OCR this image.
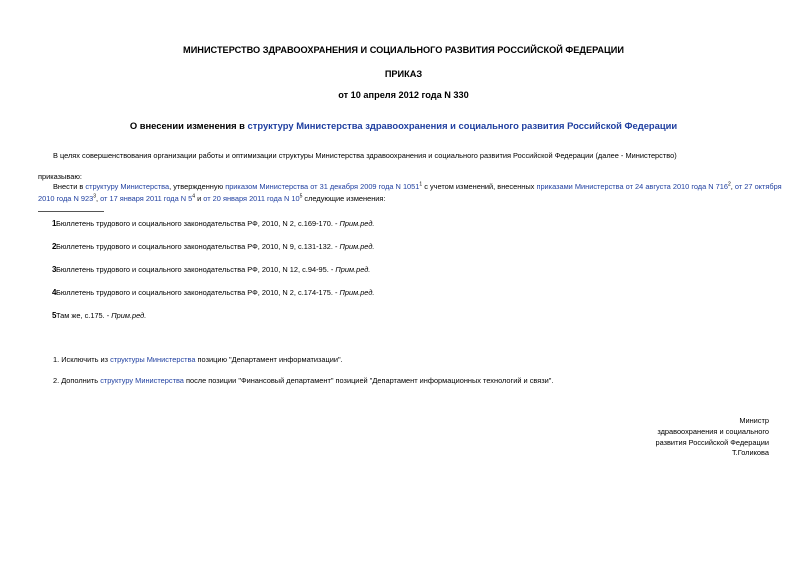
МИНИСТЕРСТВО ЗДРАВООХРАНЕНИЯ И СОЦИАЛЬНОГО РАЗВИТИЯ РОССИЙСКОЙ ФЕДЕРАЦИИ
ПРИКАЗ
от 10 апреля 2012 года N 330
О внесении изменения в структуру Министерства здравоохранения и социального развития Российской Федерации
В целях совершенствования организации работы и оптимизации структуры Министерства здравоохранения и социального развития Российской Федерации (далее - Министерство)
приказываю:
Внести в структуру Министерства, утвержденную приказом Министерства от 31 декабря 2009 года N 1051$^1$ с учетом изменений, внесенных приказами Министерства от 24 августа 2010 года N $716^2$, от 27 октября
2010 года N $923^3$, от 17 января 2011 года N $5^4$ и от 20 января 2011 года N $10^5$ следующие изменения:
1Бюллетень трудового и социального законодательства РФ, 2010, N 2, с.169-170. - Прим.ред.
2Бюллетень трудового и социального законодательства РФ, 2010, N 9, с.131-132. - Прим.ред.
3Бюллетень трудового и социального законодательства РФ, 2010, N 12, с.94-95. - Прим.ред.
4Бюллетень трудового и социального законодательства РФ, 2010, N 2, с.174-175. - Прим.ред.
5Там же, с.175. - Прим.ред.
1. Исключить из структуры Министерства позицию "Департамент информатизации".
2. Дополнить структуру Министерства после позиции "Финансовый департамент" позицией "Департамент информационных технологий и связи".
Министр
здравоохранения и социального
развития Российской Федерации
Т.Голикова
